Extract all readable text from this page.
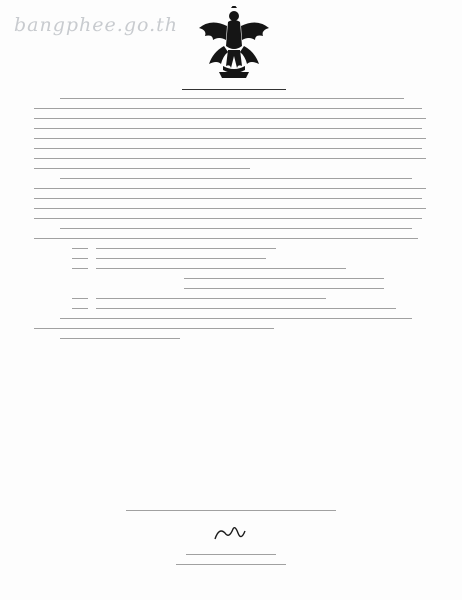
bangphee.go.th
